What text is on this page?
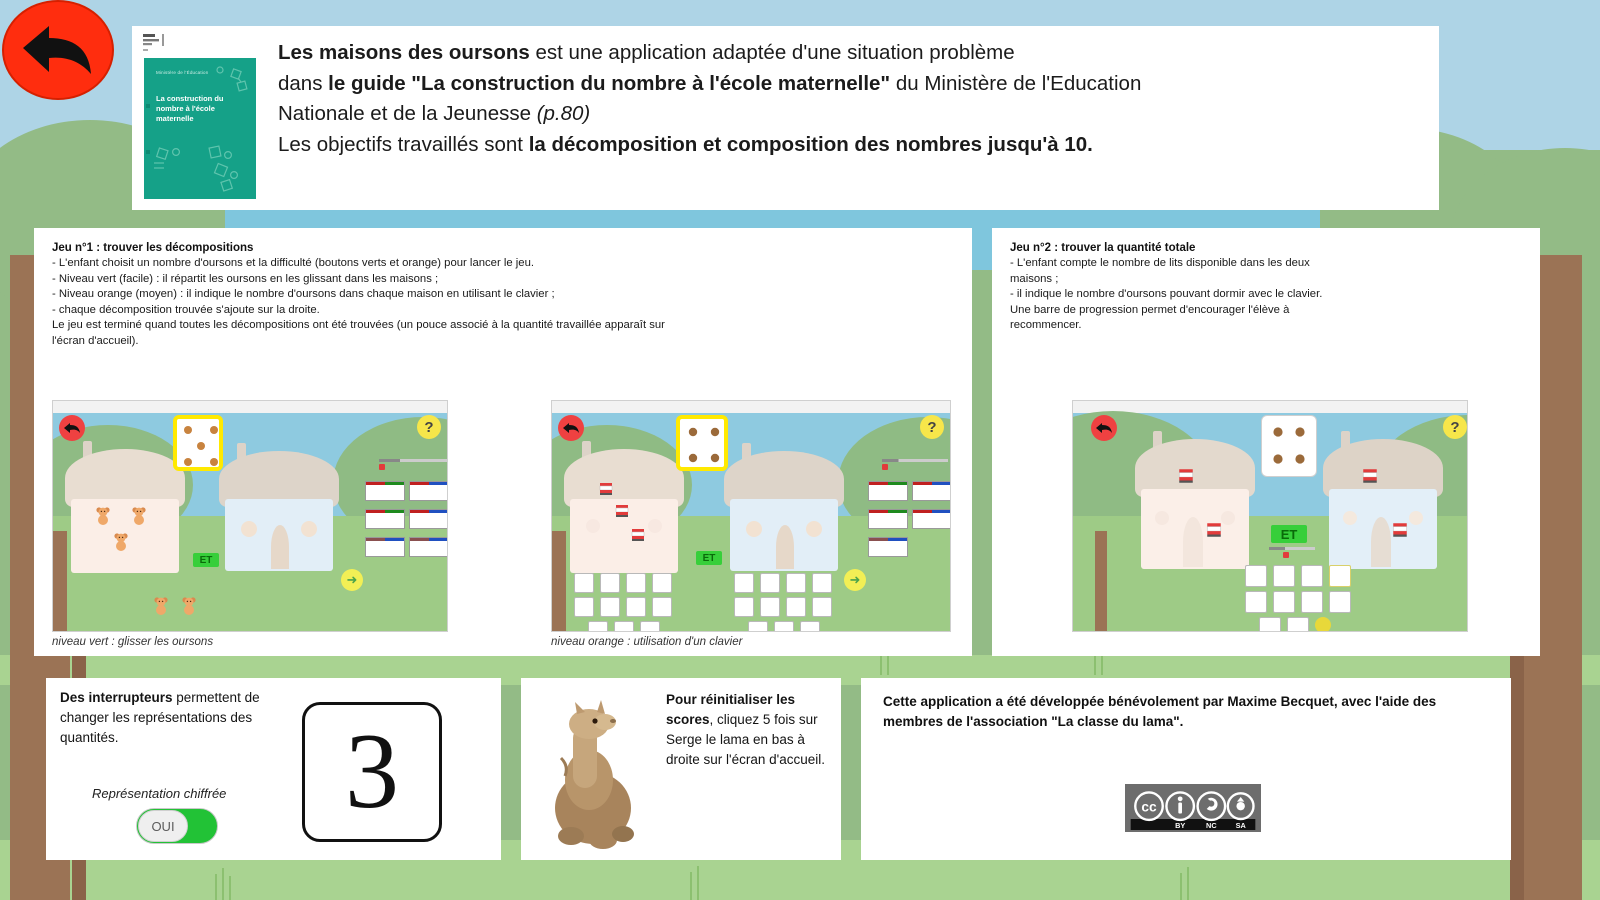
Ministère de l'Éducation
La construction du nombre à l'école maternelle
Les maisons des oursons est une application adaptée d'une situation problème
dans le guide "La construction du nombre à l'école maternelle" du Ministère de l'Education
Nationale et de la Jeunesse (p.80)
Les objectifs travaillés sont la décomposition et composition des nombres jusqu'à 10.

Jeu n°1 : trouver les décompositions

- L'enfant choisit un nombre d'oursons et la difficulté (boutons verts et orange) pour lancer le jeu.

- Niveau vert (facile) : il répartit les oursons en les glissant dans les maisons ;

- Niveau orange (moyen) : il indique le nombre d'oursons dans chaque maison en utilisant le clavier ;

- chaque décomposition trouvée s'ajoute sur la droite.

Le jeu est terminé quand toutes les décompositions ont été trouvées (un pouce associé à la quantité travaillée apparaît sur

l'écran d'accueil).

ET
➜
?
niveau vert : glisser les oursons
ET
➜
?
niveau orange : utilisation d'un clavier

Jeu n°2 : trouver la quantité totale

- L'enfant compte le nombre de lits disponible dans les deux

maisons ;

- il indique le nombre d'oursons pouvant dormir avec le clavier.

Une barre de progression permet d'encourager l'élève à

recommencer.

ET
?
Des interrupteurs permettent de changer les représentations des quantités.
Représentation chiffrée
OUI	3
Pour réinitialiser les scores, cliquez 5 fois sur Serge le lama en bas à droite sur l'écran d'accueil.
Cette application a été développée bénévolement par Maxime Becquet, avec l'aide des membres de l'association "La classe du lama".
cc
BY	NC SA
